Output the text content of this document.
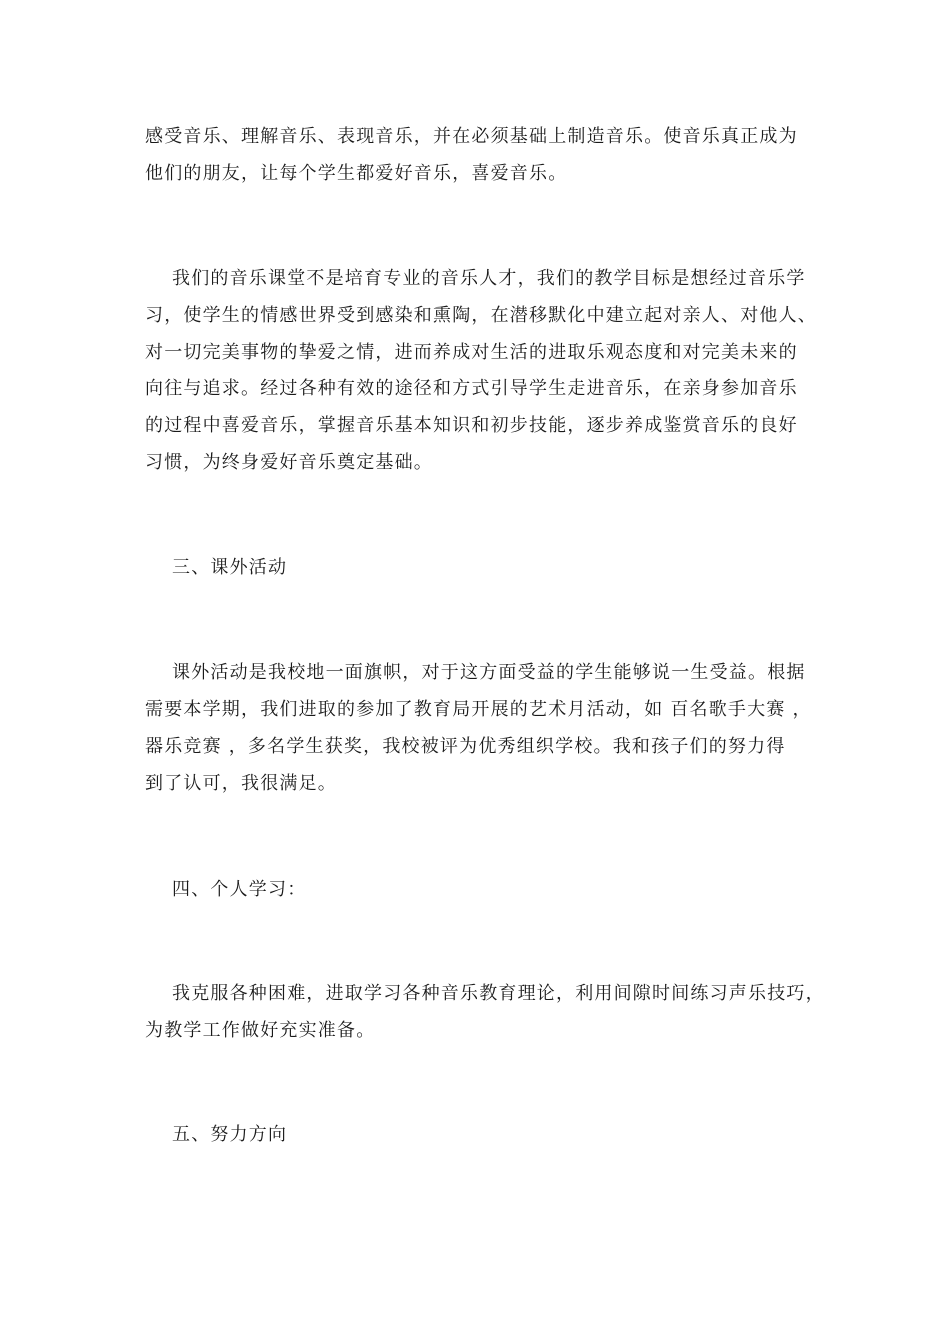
感受音乐、理解音乐、表现音乐，并在必须基础上制造音乐。使音乐真正成为
他们的朋友，让每个学生都爱好音乐，喜爱音乐。
我们的音乐课堂不是培育专业的音乐人才，我们的教学目标是想经过音乐学
习，使学生的情感世界受到感染和熏陶，在潜移默化中建立起对亲人、对他人、
对一切完美事物的挚爱之情，进而养成对生活的进取乐观态度和对完美未来的
向往与追求。经过各种有效的途径和方式引导学生走进音乐，在亲身参加音乐
的过程中喜爱音乐，掌握音乐基本知识和初步技能，逐步养成鉴赏音乐的良好
习惯，为终身爱好音乐奠定基础。
三、课外活动
课外活动是我校地一面旗帜，对于这方面受益的学生能够说一生受益。根据
需要本学期，我们进取的参加了教育局开展的艺术月活动，如 百名歌手大赛 ，
器乐竞赛 ，多名学生获奖，我校被评为优秀组织学校。我和孩子们的努力得
到了认可，我很满足。
四、个人学习：
我克服各种困难，进取学习各种音乐教育理论，利用间隙时间练习声乐技巧，
为教学工作做好充实准备。
五、努力方向
